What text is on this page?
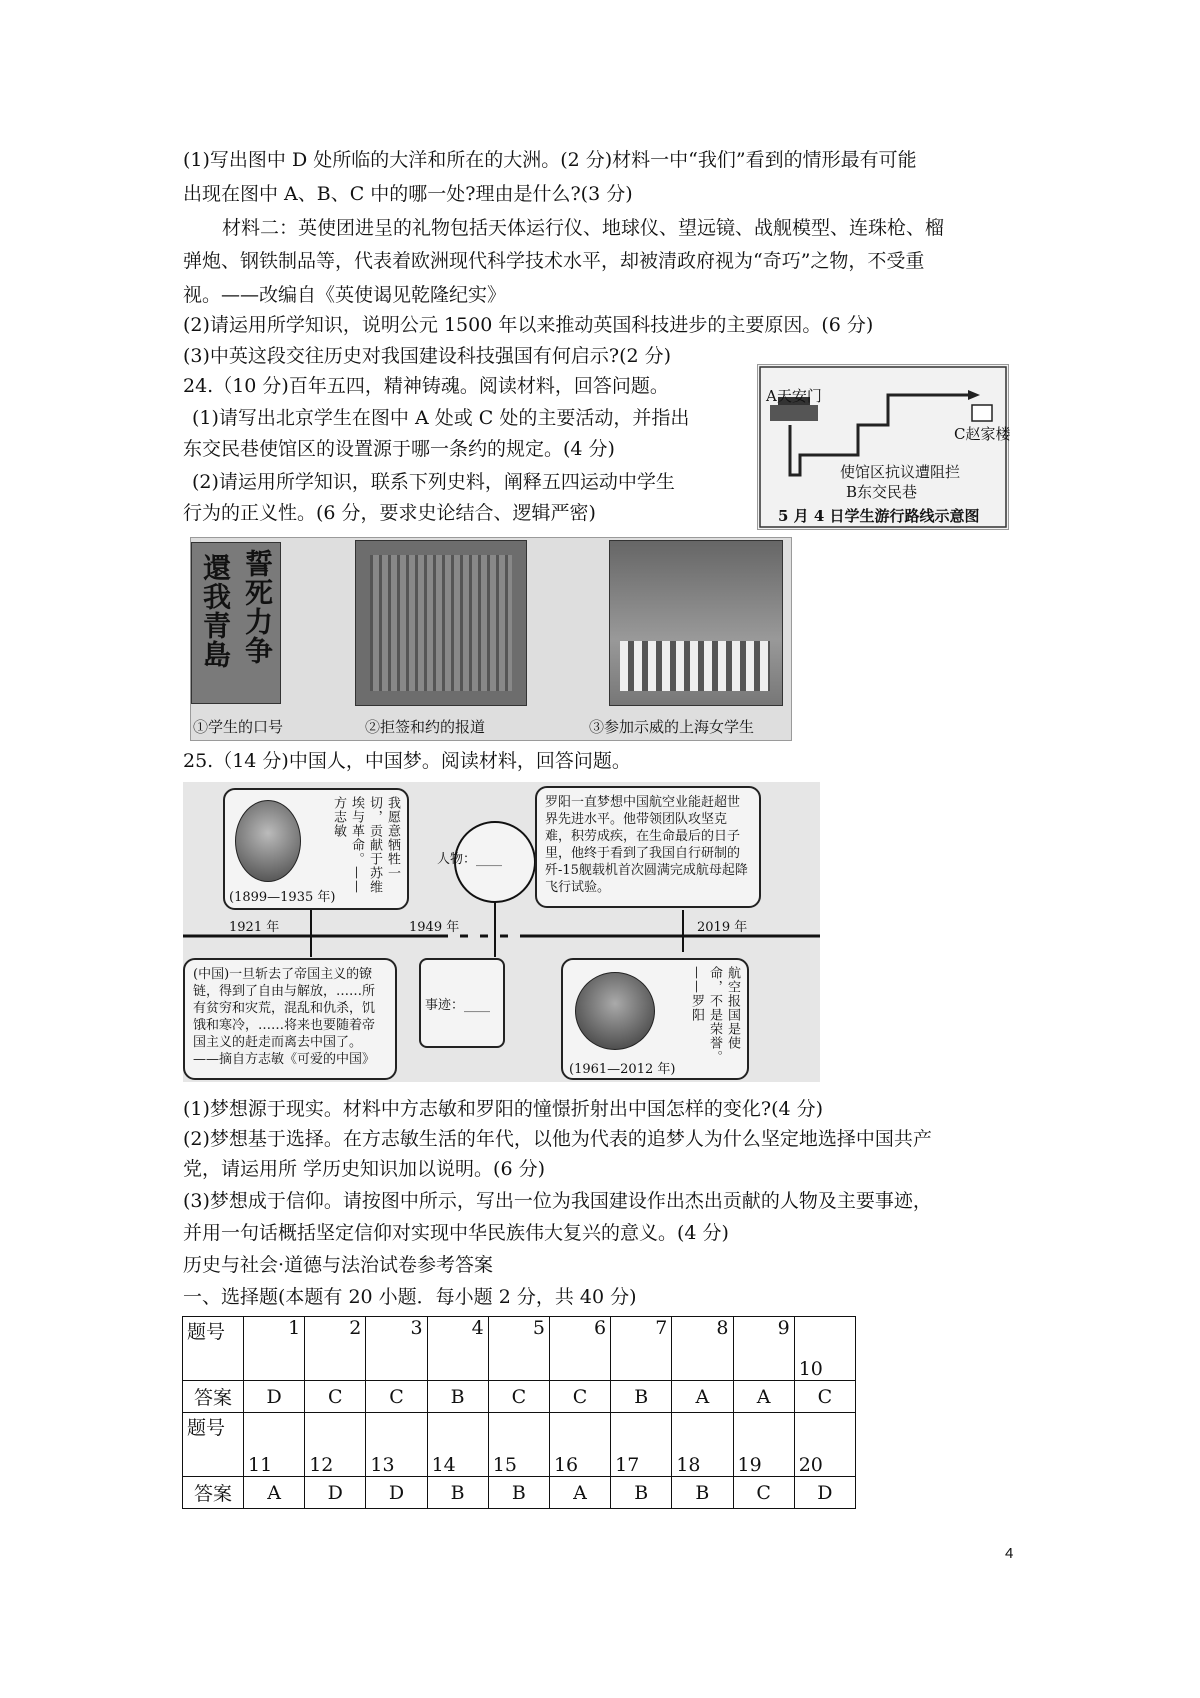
(1)写出图中 D 处所临的大洋和所在的大洲。(2 分)材料一中“我们”看到的情形最有可能
出现在图中 A、B、C 中的哪一处?理由是什么?(3 分)
材料二：英使团进呈的礼物包括天体运行仪、地球仪、望远镜、战舰模型、连珠枪、榴
弹炮、钢铁制品等，代表着欧洲现代科学技术水平，却被清政府视为“奇巧”之物，不受重
视。——改编自《英使谒见乾隆纪实》
(2)请运用所学知识，说明公元 1500 年以来推动英国科技进步的主要原因。(6 分)
(3)中英这段交往历史对我国建设科技强国有何启示?(2 分)
24.（10 分)百年五四，精神铸魂。阅读材料，回答问题。
(1)请写出北京学生在图中 A 处或 C 处的主要活动，并指出
东交民巷使馆区的设置源于哪一条约的规定。(4 分)
(2)请运用所学知识，联系下列史料，阐释五四运动中学生
行为的正义性。(6 分，要求史论结合、逻辑严密)
A天安门
C赵家楼
使馆区抗议遭阻拦
B东交民巷
5 月 4 日学生游行路线示意图
誓死力争
還我青島
①学生的口号	②拒签和约的报道	③参加示威的上海女学生
25.（14 分)中国人，中国梦。阅读材料，回答问题。
(1899—1935 年)
我愿意牺牲一切，贡献于苏维埃与革命。——方志敏
人物：____
罗阳一直梦想中国航空业能赶超世界先进水平。他带领团队攻坚克难，积劳成疾，在生命最后的日子里，他终于看到了我国自行研制的歼-15舰载机首次圆满完成航母起降飞行试验。
1921 年	1949 年	2019 年
(中国)一旦斩去了帝国主义的镣链，得到了自由与解放，……所有贫穷和灾荒，混乱和仇杀，饥饿和寒冷，……将来也要随着帝国主义的赶走而离去中国了。——摘自方志敏《可爱的中国》
事迹：____
(1961—2012 年)
航空报国是使命，不是荣誉。——罗阳
(1)梦想源于现实。材料中方志敏和罗阳的憧憬折射出中国怎样的变化?(4 分)
(2)梦想基于选择。在方志敏生活的年代，以他为代表的追梦人为什么坚定地选择中国共产
党，请运用所 学历史知识加以说明。(6 分)
(3)梦想成于信仰。请按图中所示，写出一位为我国建设作出杰出贡献的人物及主要事迹，
并用一句话概括坚定信仰对实现中华民族伟大复兴的意义。(4 分)
历史与社会·道德与法治试卷参考答案
一、选择题(本题有 20 小题．每小题 2 分，共 40 分)
题号	1	2	3	4	5	6	7	8	9	10
答案	D	C	C	B	C	C	B	A	A	C
题号	11	12	13	14	15	16	17	18	19	20
答案	A	D	D	B	B	A	B	B	C	D
4
